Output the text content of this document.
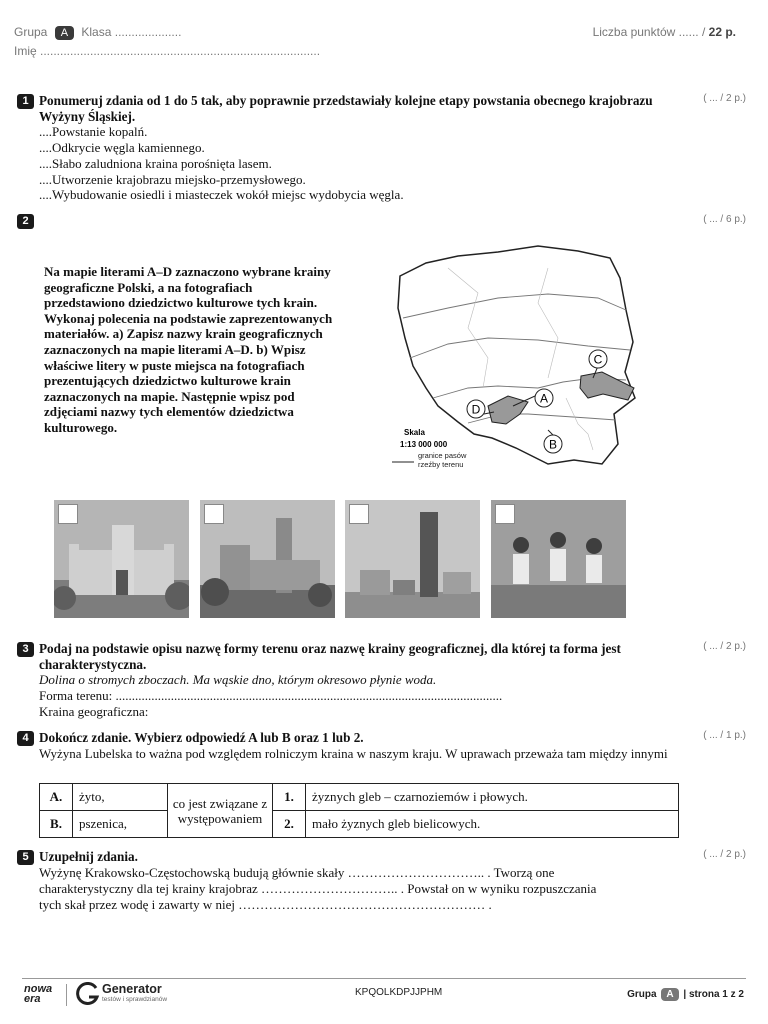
Grupa A Klasa ....................
Imię ....................................................................................
Liczba punktów ...... / 22 p.
1	( ... / 2 p.)
Ponumeruj zdania od 1 do 5 tak, aby poprawnie przedstawiały kolejne etapy powstania obecnego krajobrazu Wyżyny Śląskiej.
....Powstanie kopalń.
....Odkrycie węgla kamiennego.
....Słabo zaludniona kraina porośnięta lasem.
....Utworzenie krajobrazu miejsko-przemysłowego.
....Wybudowanie osiedli i miasteczek wokół miejsc wydobycia węgla.
2	( ... / 6 p.)
Na mapie literami A–D zaznaczono wybrane krainy geograficzne Polski, a na fotografiach przedstawiono dziedzictwo kulturowe tych krain. Wykonaj polecenia na podstawie zaprezentowanych materiałów. a) Zapisz nazwy krain geograficznych zaznaczonych na mapie literami A–D. b) Wpisz właściwe litery w puste miejsca na fotografiach prezentujących dziedzictwo kulturowe krain zaznaczonych na mapie. Następnie wpisz pod zdjęciami nazwy tych elementów dziedzictwa kulturowego.
A
B
C
D
Skala
1:13 000 000
granice pasów rzeźby terenu
3	( ... / 2 p.)
Podaj na podstawie opisu nazwę formy terenu oraz nazwę krainy geograficznej, dla której ta forma jest charakterystyczna.
Dolina o stromych zboczach. Ma wąskie dno, którym okresowo płynie woda.
Forma terenu: .......................................................................................................................
Kraina geograficzna:
4	( ... / 1 p.)
Dokończ zdanie. Wybierz odpowiedź A lub B oraz 1 lub 2.
Wyżyna Lubelska to ważna pod względem rolniczym kraina w naszym kraju. W uprawach przeważa tam między innymi
A.	żyto,	co jest związane z występowaniem	1.	żyznych gleb – czarnoziemów i płowych.
B.	pszenica,		2.	mało żyznych gleb bielicowych.
5	( ... / 2 p.)
Uzupełnij zdania.
Wyżynę Krakowsko-Częstochowską budują głównie skały ………………………….. . Tworzą one
charakterystyczny dla tej krainy krajobraz ………………………….. . Powstał on w wyniku rozpuszczania
tych skał przez wodę i zawarty w niej ………………………………………………… .
nowa era
Generator
testów i sprawdzianów
KPQOLKDPJJPHM	Grupa A | strona 1 z 2
